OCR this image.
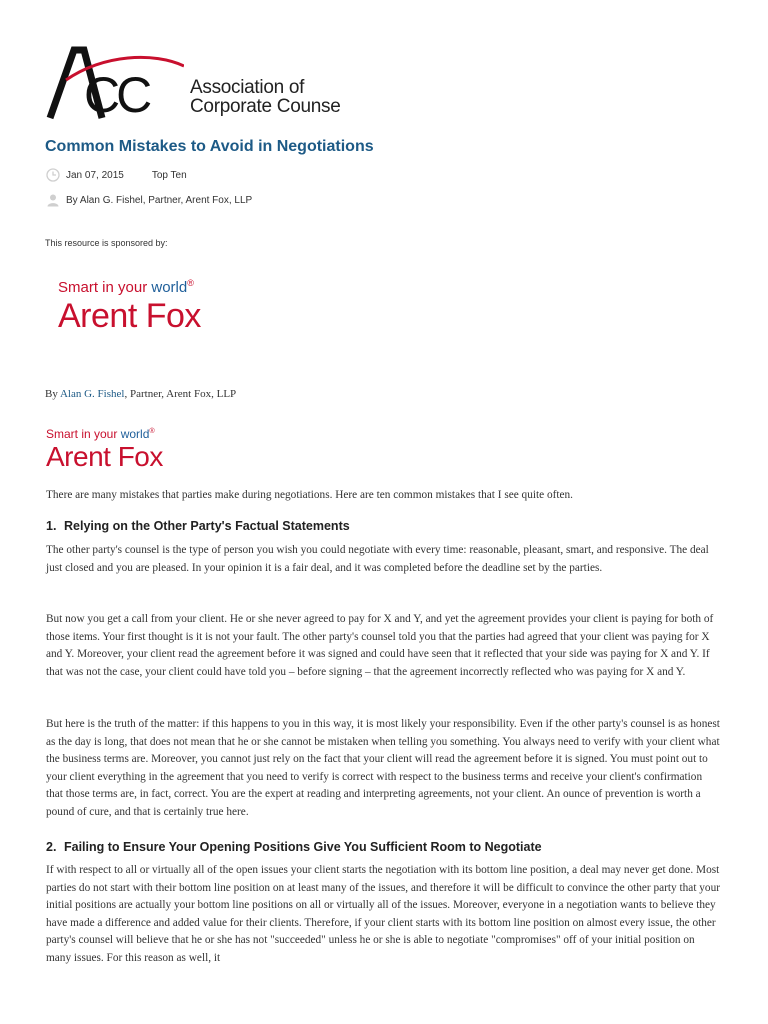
CC Association of
Corporate Counse
Common Mistakes to Avoid in Negotiations
Jan 07, 2015	Top Ten
By Alan G. Fishel, Partner, Arent Fox, LLP
This resource is sponsored by:
Smart in your world®
Arent Fox
By Alan G. Fishel, Partner, Arent Fox, LLP
Smart in your world®
Arent Fox

There are many mistakes that parties make during negotiations. Here are ten common mistakes that I see quite often.

1. Relying on the Other Party's Factual Statements

The other party's counsel is the type of person you wish you could negotiate with every time: reasonable, pleasant, smart, and responsive. The deal just closed and you are pleased. In your opinion it is a fair deal, and it was completed before the deadline set by the parties.

But now you get a call from your client. He or she never agreed to pay for X and Y, and yet the agreement provides your client is paying for both of those items. Your first thought is it is not your fault. The other party's counsel told you that the parties had agreed that your client was paying for X and Y. Moreover, your client read the agreement before it was signed and could have seen that it reflected that your side was paying for X and Y. If that was not the case, your client could have told you – before signing – that the agreement incorrectly reflected who was paying for X and Y.

But here is the truth of the matter: if this happens to you in this way, it is most likely your responsibility. Even if the other party's counsel is as honest as the day is long, that does not mean that he or she cannot be mistaken when telling you something. You always need to verify with your client what the business terms are. Moreover, you cannot just rely on the fact that your client will read the agreement before it is signed. You must point out to your client everything in the agreement that you need to verify is correct with respect to the business terms and receive your client's confirmation that those terms are, in fact, correct. You are the expert at reading and interpreting agreements, not your client. An ounce of prevention is worth a pound of cure, and that is certainly true here.

2. Failing to Ensure Your Opening Positions Give You Sufficient Room to Negotiate

If with respect to all or virtually all of the open issues your client starts the negotiation with its bottom line position, a deal may never get done. Most parties do not start with their bottom line position on at least many of the issues, and therefore it will be difficult to convince the other party that your initial positions are actually your bottom line positions on all or virtually all of the issues. Moreover, everyone in a negotiation wants to believe they have made a difference and added value for their clients. Therefore, if your client starts with its bottom line position on almost every issue, the other party's counsel will believe that he or she has not "succeeded" unless he or she is able to negotiate "compromises" off of your initial position on many issues. For this reason as well, it
